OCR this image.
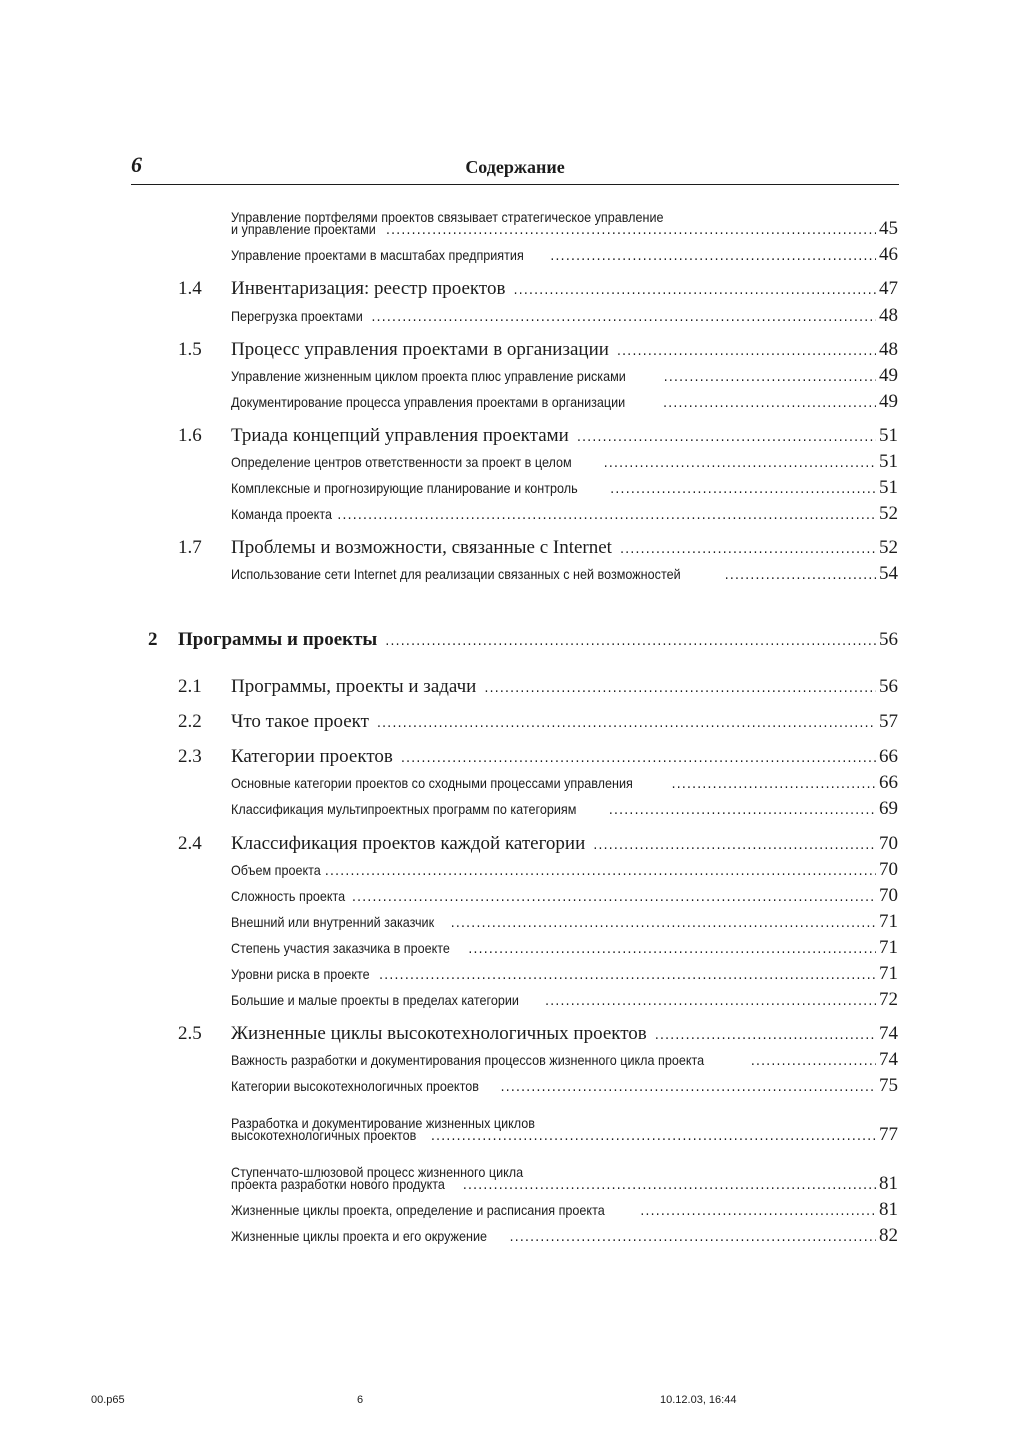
6	Содержание
Управление портфелями проектов связывает стратегическое управление
и управление проектами .....	45
Управление проектами в масштабах предприятия .....	46
1.4 Инвентаризация: реестр проектов .....	47
Перегрузка проектами .....	48
1.5 Процесс управления проектами в организации .....	48
Управление жизненным циклом проекта плюс управление рисками .....	49
Документирование процесса управления проектами в организации .....	49
1.6 Триада концепций управления проектами .....	51
Определение центров ответственности за проект в целом .....	51
Комплексные и прогнозирующие планирование и контроль .....	51
Команда проекта .....	52
1.7 Проблемы и возможности, связанные с Internet .....	52
Использование сети Internet для реализации связанных с ней возможностей .....	54
2 Программы и проекты .....	56
2.1 Программы, проекты и задачи .....	56
2.2 Что такое проект .....	57
2.3 Категории проектов .....	66
Основные категории проектов со сходными процессами управления .....	66
Классификация мультипроектных программ по категориям .....	69
2.4 Классификация проектов каждой категории .....	70
Объем проекта .....	70
Сложность проекта .....	70
Внешний или внутренний заказчик .....	71
Степень участия заказчика в проекте .....	71
Уровни риска в проекте .....	71
Большие и малые проекты в пределах категории .....	72
2.5 Жизненные циклы высокотехнологичных проектов .....	74
Важность разработки и документирования процессов жизненного цикла проекта .....	74
Категории высокотехнологичных проектов .....	75
Разработка и документирование жизненных циклов
высокотехнологичных проектов .....	77
Ступенчато-шлюзовой процесс жизненного цикла
проекта разработки нового продукта .....	81
Жизненные циклы проекта, определение и расписания проекта .....	81
Жизненные циклы проекта и его окружение .....	82
00.p65	6	10.12.03, 16:44
